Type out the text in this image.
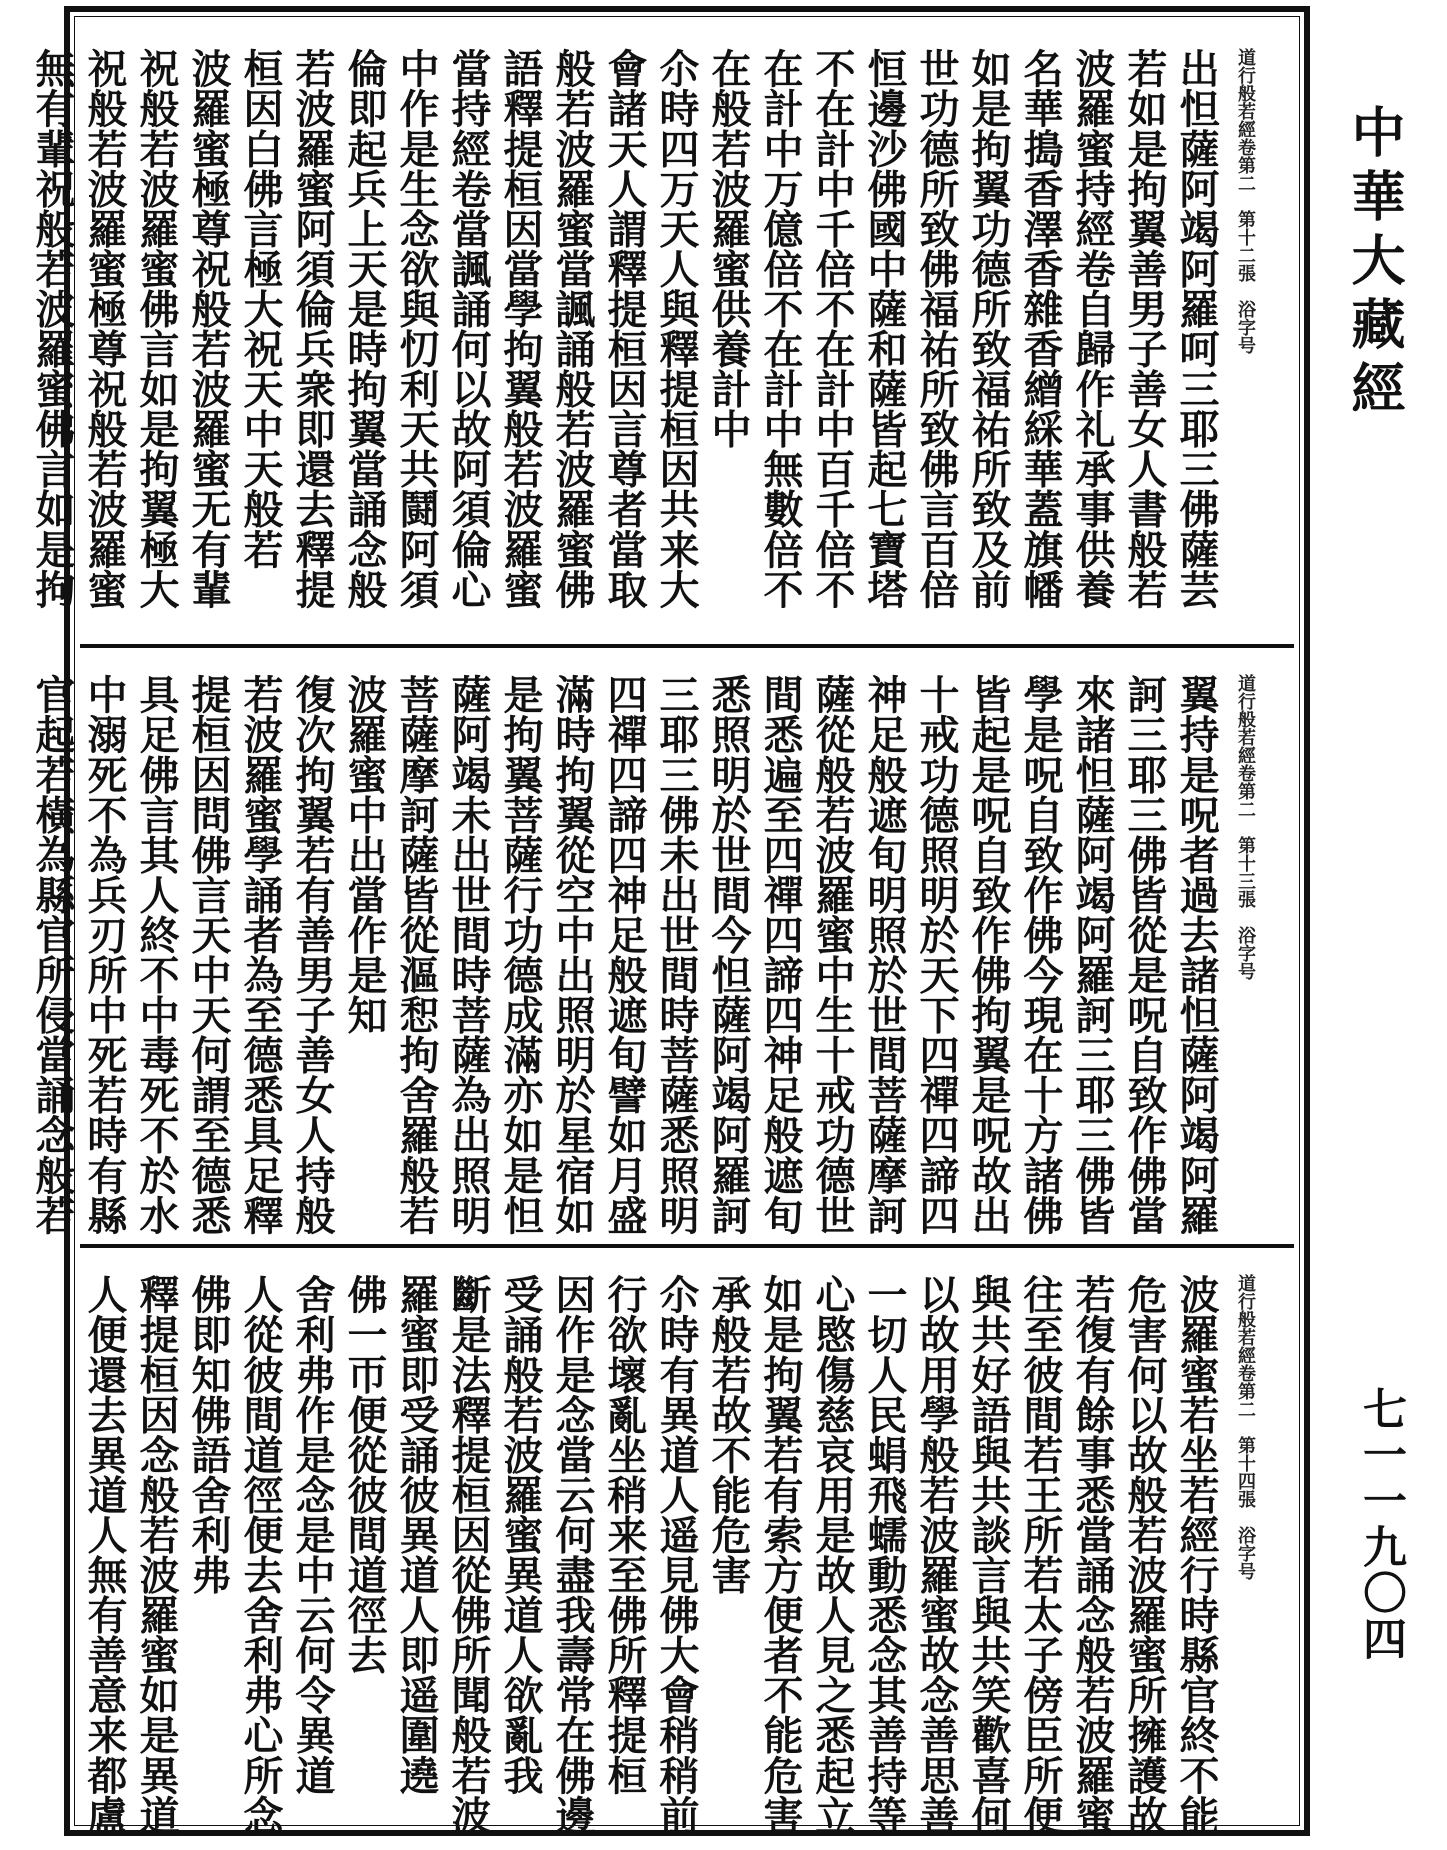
中華大藏經
七一一九〇四
道行般若經卷第二　第十二張　浴字号
出怛薩阿竭阿羅呵三耶三佛薩芸
若如是拘翼善男子善女人書般若
波羅蜜持經卷自歸作礼承事供養
名華搗香澤香雜香繒綵華蓋旗幡
如是拘翼功德所致福祐所致及前
世功德所致佛福祐所致佛言百倍
恒邊沙佛國中薩和薩皆起七寶塔
不在計中千倍不在計中百千倍不
在計中万億倍不在計中無數倍不
在般若波羅蜜供養計中
尒時四万天人與釋提桓因共来大
會諸天人謂釋提桓因言尊者當取
般若波羅蜜當諷誦般若波羅蜜佛
語釋提桓因當學拘翼般若波羅蜜
當持經卷當諷誦何以故阿須倫心
中作是生念欲與忉利天共鬪阿須
倫即起兵上天是時拘翼當誦念般
若波羅蜜阿須倫兵衆即還去釋提
桓因白佛言極大祝天中天般若
波羅蜜極尊祝般若波羅蜜无有輩
祝般若波羅蜜佛言如是拘翼極大
祝般若波羅蜜極尊祝般若波羅蜜
無有輩祝般若波羅蜜佛言如是拘
道行般若經卷第二　第十三張　浴字号
翼持是呪者過去諸怛薩阿竭阿羅
訶三耶三佛皆從是呪自致作佛當
來諸怛薩阿竭阿羅訶三耶三佛皆
學是呪自致作佛今現在十方諸佛
皆起是呪自致作佛拘翼是呪故出
十戒功德照明於天下四禪四諦四
神足般遮旬明照於世間菩薩摩訶
薩從般若波羅蜜中生十戒功德世
間悉遍至四禪四諦四神足般遮旬
悉照明於世間今怛薩阿竭阿羅訶
三耶三佛未出世間時菩薩悉照明
四禪四諦四神足般遮旬譬如月盛
滿時拘翼從空中出照明於星宿如
是拘翼菩薩行功德成滿亦如是怛
薩阿竭未出世間時菩薩為出照明
菩薩摩訶薩皆從漚惒拘舍羅般若
波羅蜜中出當作是知
復次拘翼若有善男子善女人持般
若波羅蜜學誦者為至德悉具足釋
提桓因問佛言天中天何謂至德悉
具足佛言其人終不中毒死不於水
中溺死不為兵刃所中死若時有縣
官起若橫為縣官所侵當誦念般若
道行般若經卷第二　第十四張　浴字号
波羅蜜若坐若經行時縣官終不能
危害何以故般若波羅蜜所擁護故
若復有餘事悉當誦念般若波羅蜜
往至彼間若王所若太子傍臣所便
與共好語與共談言與共笑歡喜何
以故用學般若波羅蜜故念善思善
一切人民蜎飛蠕動悉念其善持等
心愍傷慈哀用是故人見之悉起立
如是拘翼若有索方便者不能危害
承般若故不能危害
尒時有異道人遥見佛大會稍稍前
行欲壞亂坐稍来至佛所釋提桓
因作是念當云何盡我壽常在佛邊
受誦般若波羅蜜異道人欲亂我
斷是法釋提桓因從佛所聞般若波
羅蜜即受誦彼異道人即遥圍遶
佛一帀便從彼間道徑去
舍利弗作是念是中云何令異道
人從彼間道徑便去舍利弗心所念
佛即知佛語舍利弗
釋提桓因念般若波羅蜜如是異道
人便還去異道人無有善意来都盧
